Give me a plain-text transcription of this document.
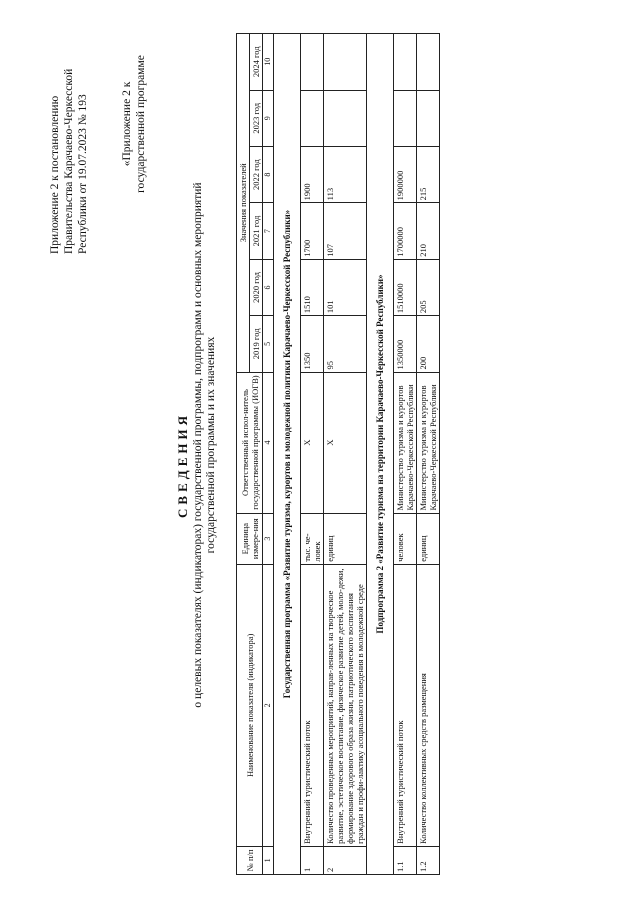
Приложение 2 к постановлению Правительства Карачаево-Черкесской Республики от 19.07.2023 № 193	«Приложение 2 к государственной программе
СВЕДЕНИЯ о целевых показателях (индикаторах) государственной программы, подпрограмм и основных мероприятий государственной программы и их значениях
№ п/п	Наименование показателя (индикатора)	Единица измере-ния	Ответственный испол-нитель государственной программы (ИОГВ)	Значения показателей					
				2019 год	2020 год	2021 год	2022 год	2023 год	2024 год
1	2	3	4	5	6	7	8	9	10
Государственная программа «Развитие туризма, курортов и молодежной политики Карачаево-Черкесской Республики»									
1	Внутренний туристический поток	тыс. че-ловек	Х	1350	1510	1700	1900		
2	Количество проведенных мероприятий, направ-ленных на творческое развитие, эстетическое воспитание, физическое развитие детей, моло-дежи, формирование здорового образа жизни, патриотического воспитания граждан и профи-лактику асоциального поведения в молодежной среде	единиц	Х	95	101	107	113		
Подпрограмма 2 «Развитие туризма на территории Карачаево-Черкесской Республики»									
1.1	Внутренний туристический поток	человек	Министерство туризма и курортов Карачаево-Черкесской Республики	1350000	1510000	1700000	1900000		
1.2	Количество коллективных средств размещения	единиц	Министерство туризма и курортов Карачаево-Черкесской Республики	200	205	210	215		
